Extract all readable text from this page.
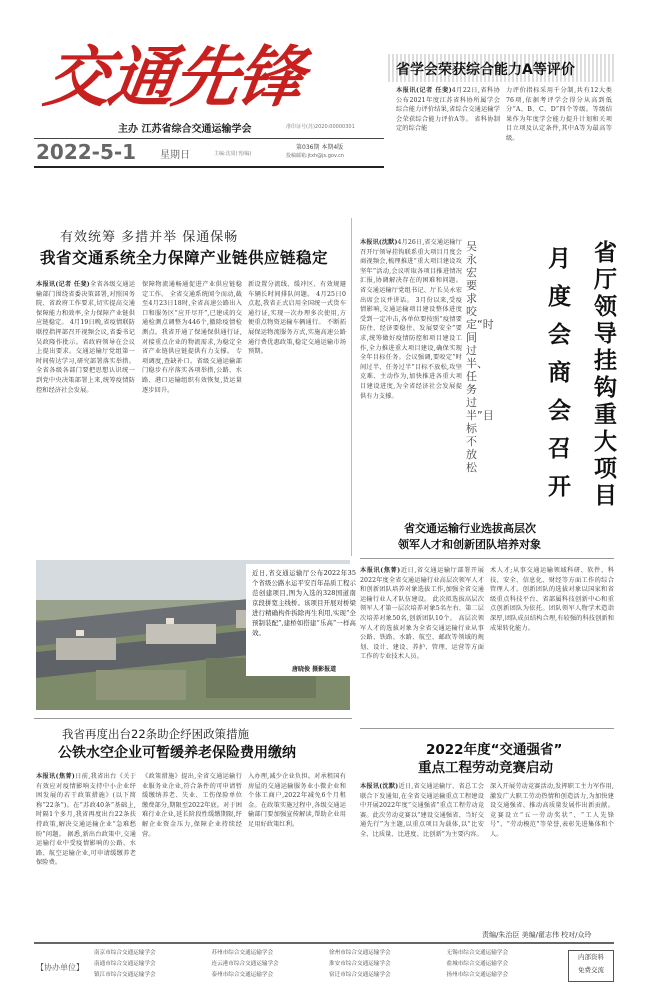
交通先锋
主办 江苏省综合交通运输学会	准印证号(苏)2020:00000301
2022-5-1 星期日	主编:沈周(刊/编)
第036期 本期4版
投稿邮箱:jtxh@js.gov.cn
省学会荣获综合能力A等评价
本报讯(记者 任斐)4月22日,省科协公布2021年度江苏省科协所属学会综合能力评价结果,省综合交通运输学会荣获综合能力评价A等。 省科协制定的综合能
力评价指标采用千分制,共有12大类76项,依据考评学会得分从高到低分“A、B、C、D”四个等级。等级结果作为年度学会能力提升计划和关项目立项及认定条件,其中A等为最高等级。
有效统筹 多措并举 保通保畅
我省交通系统全力保障产业链供应链稳定
本报讯(记者 任斐)全省各级交通运输部门围绕省委决策部署,对照国务院、省政府工作要求,切实提高交通保障能力和效率,全力保障产业链供应链稳定。 4月19日晚,省疫情联防联控指挥部召开视频会议,省委书记吴政隆作批示。省政府领导在会议上提出要求。交通运输厅党组第一时间传达学习,研究部署落实举措。全省各级各部门要把思想认识统一到党中央决策部署上来,统筹疫情防控和经济社会发展。
保障物流通畅通促进产业供应链稳定工作。 全省交通系统闻令而动,截至4月23日18时,全省高速公路出入口和服务区“应开尽开”,已建成的交通检测点调整为446个,撤除疫情检测点。我省开通了保通保供通行证,对接重点企业的物流需求,为稳定全省产业链供应链提供有力支撑。 专项调度,查缺补口。省级交通运输部门稳步有序落实各项举措,公路、水路、港口运输组织有效恢复,货运量逐步回升。
新设置分流线、缓冲区、有效规避车辆长时间排队问题。 4月25日0点起,我省正式启用全国统一式货车通行证,实现一次办理多次使用,方便重点物资运输车辆通行。 不断拓展保运物流服务方式,实施高速公路通行费优惠政策,稳定交通运输市场预期。
本报讯(沈默)4月26日,省交通运输厅召开厅领导挂钩联系重大项目月度会商视频会,梳理推进“重大项目建设攻坚年”活动,会议听取各项目推进情况汇报,协调解决存在的困难和问题。省交通运输厅党组书记、厅长吴永宏出席会议并讲话。 3月份以来,受疫情影响,交通运输项目建设整体进度受到一定冲击,各单位要按照“疫情要防住、经济要稳住、发展要安全”要求,统筹做好疫情防控和项目建设工作,全力推进重大项目建设,确保实现全年目标任务。会议强调,要咬定“时间过半、任务过半”目标不放松,攻坚克难、主动作为,加快推进各重大项目建设进度,为全省经济社会发展提供有力支撑。
吴永宏要求咬定“时间过半、任务过半”目标不放松
省厅领导挂钩重大项目
月度会商会召开
近日,省交通运输厅公布2022年35个省级公路水运平安百年品质工程示范创建项目,图为入选的328国道南京段拼宽主线桥。该项目开展对桥梁进行精确构件拆除再生利用,实现“全预制装配”,建桥如搭建“乐高”一样高效。
唐晓俊 摄影报道
省交通运输行业选拔高层次
领军人才和创新团队培养对象
本报讯(焦菁)近日,省交通运输厅部署开展2022年度全省交通运输行业高层次领军人才和创新团队培养对象选拔工作,加强全省交通运输行业人才队伍建设。 此次拟选拔高层次领军人才第一层次培养对象5名左右、第二层次培养对象50名,创新团队10个。 高层次领军人才的选拔对象为全省交通运输行业从事公路、铁路、水路、航空、邮政等领域的规划、设计、建设、养护、管理、运营等方面工作的专业技术人员。
术人才;从事交通运输领域科研、软件、科技、安全、信息化、财经等方面工作的综合管理人才。创新团队的选拔对象以国家和省级重点科技平台、省部属科技创新中心和重点创新团队为依托。团队领军人物学术造诣深厚,团队成员结构合理,有较强的科技创新和成果转化能力。
我省再度出台22条助企纾困政策措施
公铁水空企业可暂缓养老保险费用缴纳
本报讯(焦菁)日前,我省出台《关于有效应对疫情影响支持中小企业纾困发展的若干政策措施》(以下简称“22条”)。在“苏政40条”基础上,时隔1个多月,我省再度出台22条扶持政策,解决交通运输企业“急难愁盼”问题。 据悉,新出台政策中,交通运输行业中受疫情影响的公路、水路、航空运输企业,可申请缓缴养老保险费。
《政策措施》提出,全省交通运输行业服务业企业,符合条件的可申请暂缓缴纳养老、失业、工伤保险单位缴费部分,期限至2022年底。对于困难行业企业,延长阶段性缓缴期限,纾解企业资金压力,保障企业持续经营。
入办理,减少企业负担。对承租国有房屋的交通运输服务业小微企业和个体工商户,2022年减免6个月租金。在政策实施过程中,各级交通运输部门要加强宣传解读,帮助企业用足用好政策红利。
2022年度“交通强省”
重点工程劳动竞赛启动
本报讯(沈默)近日,省交通运输厅、省总工会联合下发通知,在全省交通运输重点工程建设中开展2022年度“交通强省”重点工程劳动竞赛。此次劳动竞赛以“建设交通强省、当好交通先行”为主题,以重点项目为载体,以“比安全、比质量、比进度、比创新”为主要内容。
深入开展劳动竞赛活动,发挥职工主力军作用,激发广大职工劳动热情和创造活力,为加快建设交通强省、推动高质量发展作出新贡献。竞赛设立“五一劳动奖状”、“工人先锋号”、“劳动模范”等荣誉,表彰先进集体和个人。
责编/朱治臣 美编/翟志伟 校对/众玲
【协办单位】
南京市综合交通运输学会	苏州市综合交通运输学会	徐州市综合交通运输学会	无锡市综合交通运输学会
南通市综合交通运输学会	连云港市综合交通运输学会	淮安市综合交通运输学会	盐城市综合交通运输学会
镇江市综合交通运输学会	泰州市综合交通运输学会	宿迁市综合交通运输学会	扬州市综合交通运输学会
内部资料
免费交流
